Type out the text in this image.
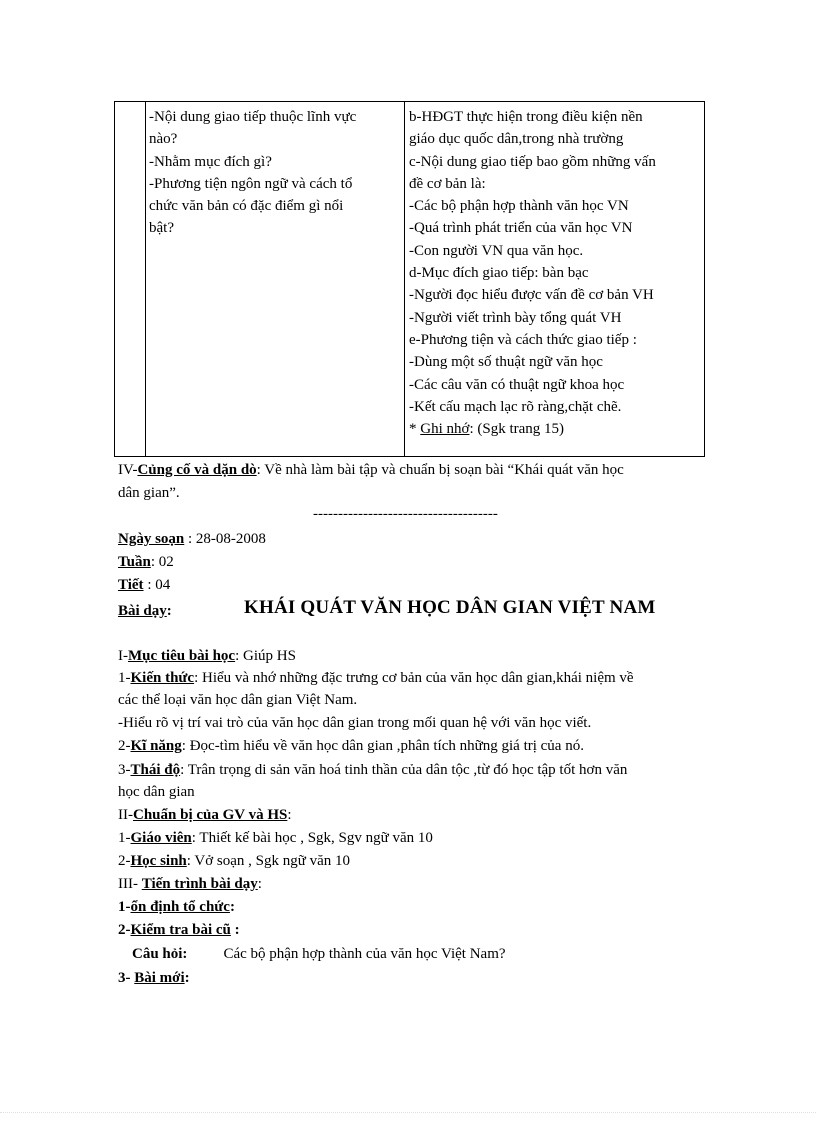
-Nội dung giao tiếp thuộc lĩnh vực
nào?
-Nhằm mục đích gì?
-Phương tiện ngôn ngữ và cách tổ
chức văn bản có đặc điểm gì nổi
bật?
b-HĐGT thực hiện trong điều kiện nền
giáo dục quốc dân,trong nhà trường
c-Nội dung giao tiếp bao gồm những vấn
đề cơ bản là:
-Các bộ phận hợp thành văn học VN
-Quá trình phát triển của văn học VN
-Con người VN qua văn học.
d-Mục đích giao tiếp: bàn bạc
-Người đọc hiểu được vấn đề cơ bản VH
-Người viết trình bày tổng quát VH
e-Phương tiện và cách thức giao tiếp :
-Dùng một số thuật ngữ văn học
-Các câu văn có thuật ngữ khoa học
-Kết cấu mạch lạc rõ ràng,chặt chẽ.
* Ghi nhớ: (Sgk trang 15)
IV-Củng cố và dặn dò: Về nhà làm bài tập và chuẩn bị soạn bài “Khái quát văn học
dân gian”.
-------------------------------------
Ngày soạn : 28-08-2008
Tuần: 02
Tiết : 04
Bài dạy:	KHÁI QUÁT VĂN HỌC DÂN GIAN VIỆT NAM
I-Mục tiêu bài học: Giúp HS
1-Kiến thức: Hiểu và nhớ những đặc trưng cơ bản của văn học dân gian,khái niệm về
các thể loại văn học dân gian Việt Nam.
-Hiểu rõ vị trí vai trò của văn học dân gian trong mối quan hệ với văn học viết.
2-Kĩ năng: Đọc-tìm hiểu về văn học dân gian ,phân tích những giá trị của nó.
3-Thái độ: Trân trọng di sản văn hoá tinh thần của dân tộc ,từ đó học tập tốt hơn văn
học dân gian
II-Chuẩn bị của GV và HS:
1-Giáo viên: Thiết kế bài học , Sgk, Sgv ngữ văn 10
2-Học sinh: Vở soạn , Sgk ngữ văn 10
III- Tiến trình bài dạy:
1-ổn định tổ chức:
2-Kiểm tra bài cũ :
Câu hỏi: Các bộ phận hợp thành của văn học Việt Nam?
3- Bài mới:
